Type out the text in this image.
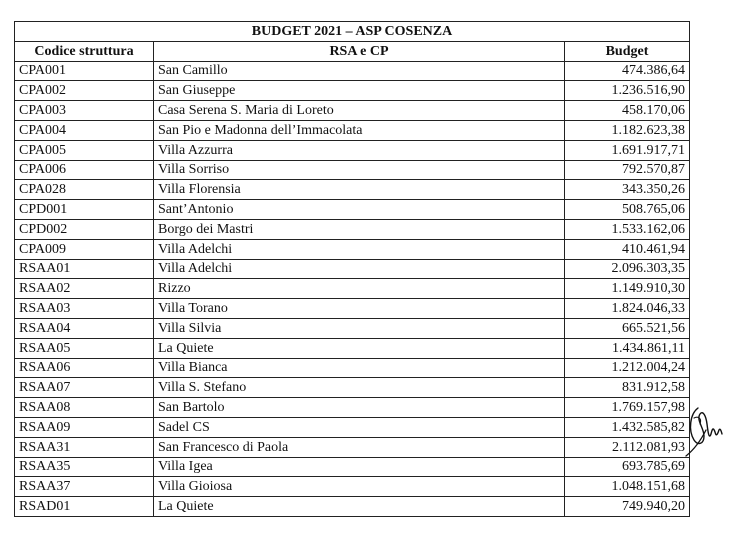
BUDGET 2021 – ASP COSENZA		
Codice struttura	RSA e CP	Budget
CPA001	San Camillo	474.386,64
CPA002	San Giuseppe	1.236.516,90
CPA003	Casa Serena S. Maria di Loreto	458.170,06
CPA004	San Pio e Madonna dell’Immacolata	1.182.623,38
CPA005	Villa Azzurra	1.691.917,71
CPA006	Villa Sorriso	792.570,87
CPA028	Villa Florensia	343.350,26
CPD001	Sant’Antonio	508.765,06
CPD002	Borgo dei Mastri	1.533.162,06
CPA009	Villa Adelchi	410.461,94
RSAA01	Villa Adelchi	2.096.303,35
RSAA02	Rizzo	1.149.910,30
RSAA03	Villa Torano	1.824.046,33
RSAA04	Villa Silvia	665.521,56
RSAA05	La Quiete	1.434.861,11
RSAA06	Villa Bianca	1.212.004,24
RSAA07	Villa S. Stefano	831.912,58
RSAA08	San Bartolo	1.769.157,98
RSAA09	Sadel CS	1.432.585,82
RSAA31	San Francesco di Paola	2.112.081,93
RSAA35	Villa Igea	693.785,69
RSAA37	Villa Gioiosa	1.048.151,68
RSAD01	La Quiete	749.940,20
